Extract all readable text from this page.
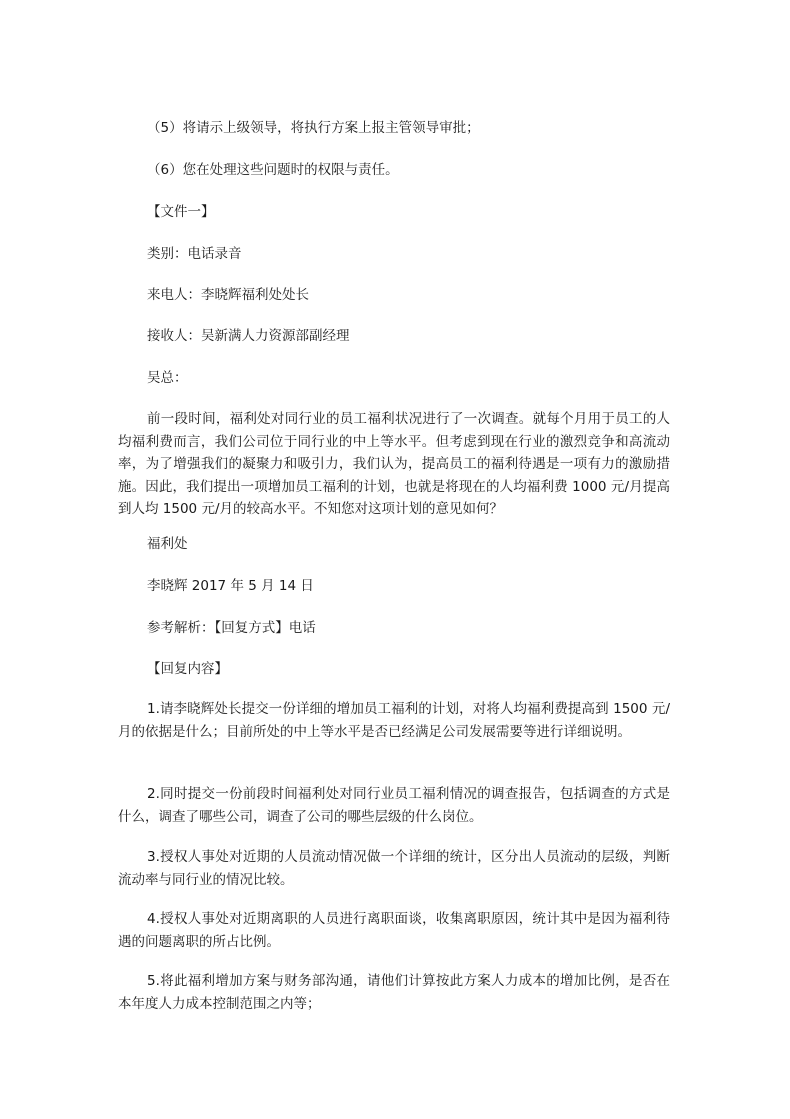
（5）将请示上级领导，将执行方案上报主管领导审批；
（6）您在处理这些问题时的权限与责任。
【文件一】
类别：电话录音
来电人：李晓辉福利处处长
接收人：吴新满人力资源部副经理
吴总：
前一段时间，福利处对同行业的员工福利状况进行了一次调查。就每个月用于员工的人均福利费而言，我们公司位于同行业的中上等水平。但考虑到现在行业的激烈竞争和高流动率，为了增强我们的凝聚力和吸引力，我们认为，提高员工的福利待遇是一项有力的激励措施。因此，我们提出一项增加员工福利的计划，也就是将现在的人均福利费 1000 元/月提高到人均 1500 元/月的较高水平。不知您对这项计划的意见如何？
福利处
李晓辉 2017 年 5 月 14 日
参考解析：【回复方式】电话
【回复内容】
1.请李晓辉处长提交一份详细的增加员工福利的计划，对将人均福利费提高到 1500 元/月的依据是什么；目前所处的中上等水平是否已经满足公司发展需要等进行详细说明。
2.同时提交一份前段时间福利处对同行业员工福利情况的调查报告，包括调查的方式是什么，调查了哪些公司，调查了公司的哪些层级的什么岗位。
3.授权人事处对近期的人员流动情况做一个详细的统计，区分出人员流动的层级，判断流动率与同行业的情况比较。
4.授权人事处对近期离职的人员进行离职面谈，收集离职原因，统计其中是因为福利待遇的问题离职的所占比例。
5.将此福利增加方案与财务部沟通，请他们计算按此方案人力成本的增加比例，是否在本年度人力成本控制范围之内等；
